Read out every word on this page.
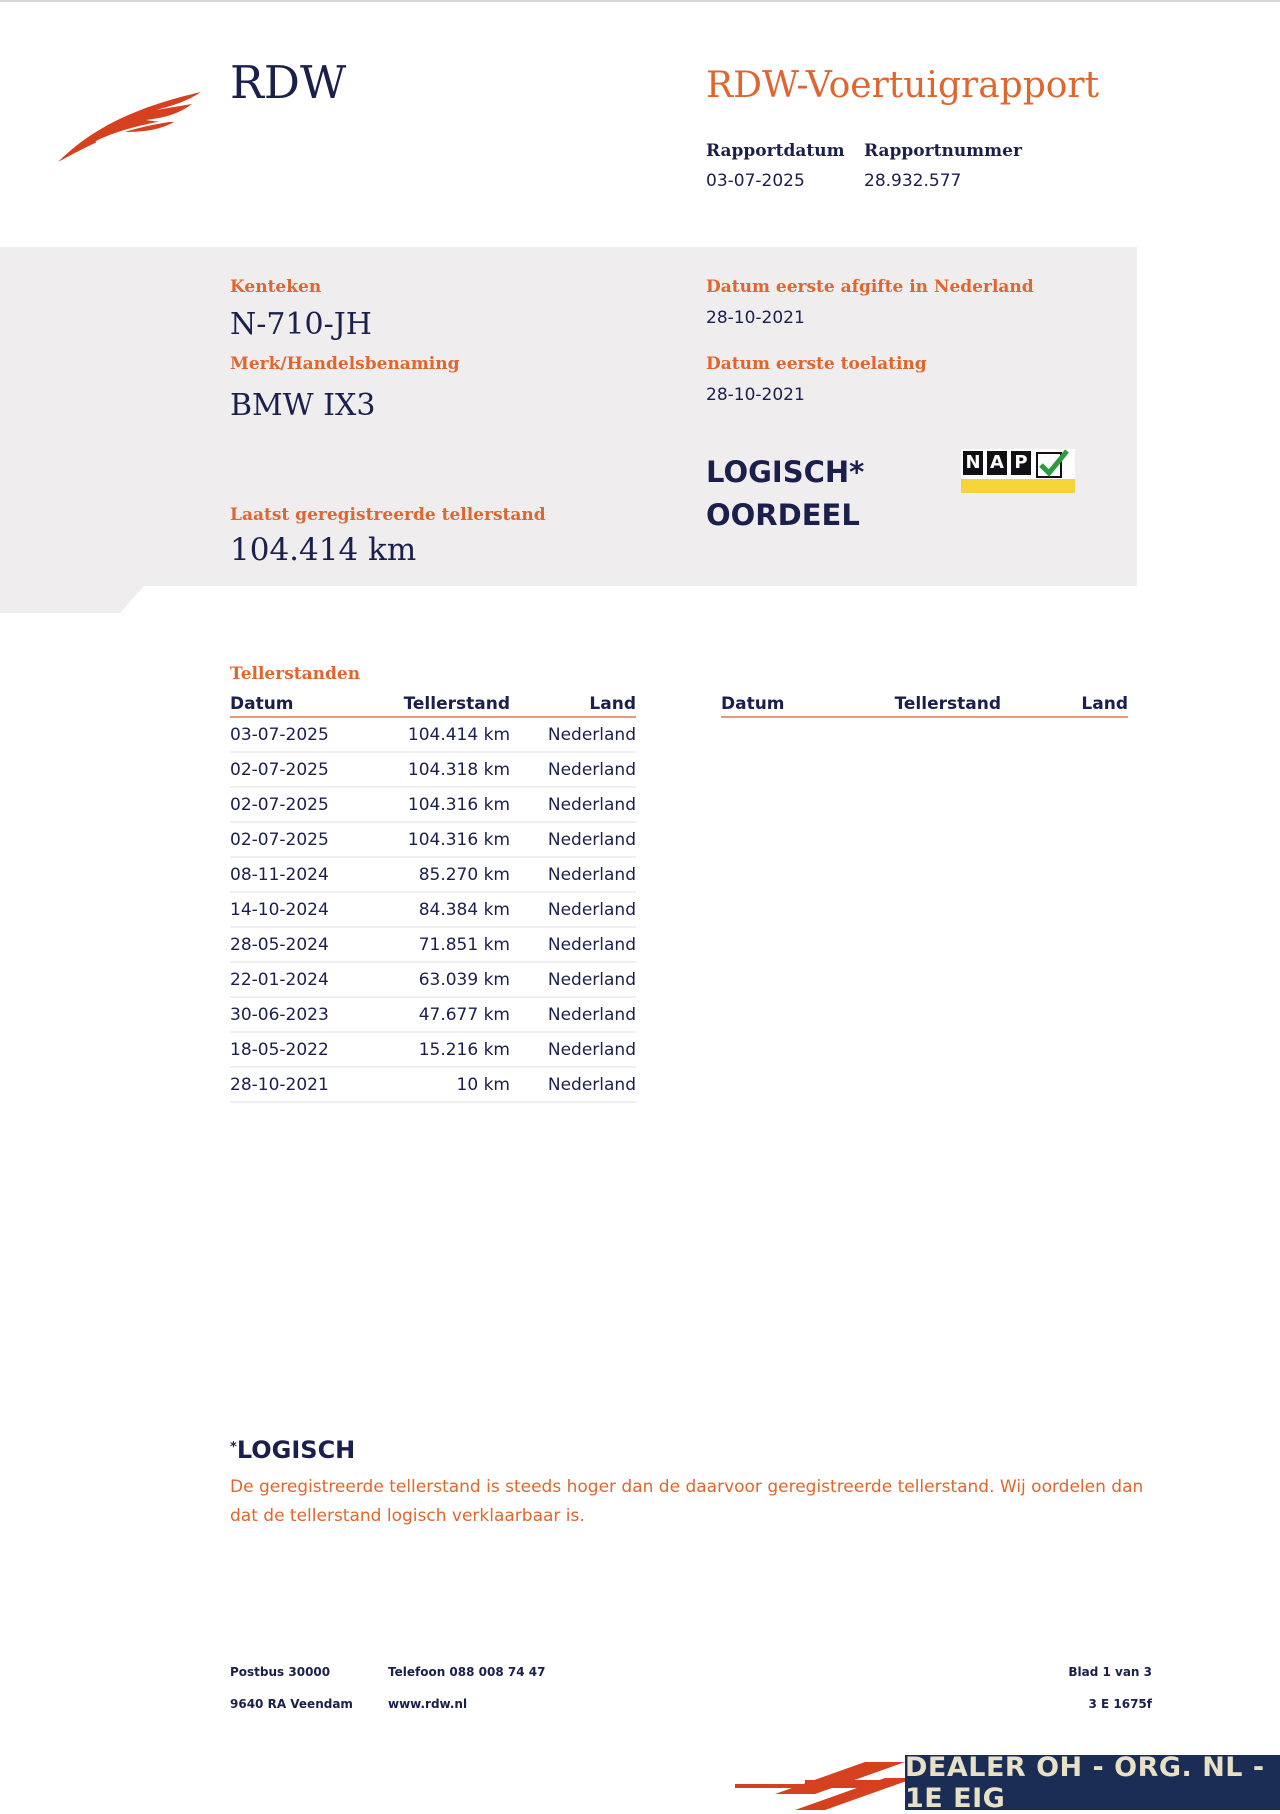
RDW	RDW-Voertuigrapport
Rapportdatum
03-07-2025
Rapportnummer
28.932.577
Kenteken
N-710-JH
Merk/Handelsbenaming
BMW IX3
Laatst geregistreerde tellerstand
104.414 km
Datum eerste afgifte in Nederland
28-10-2021
Datum eerste toelating
28-10-2021
LOGISCH*
OORDEEL
N A P
Tellerstanden
Datum	Tellerstand	Land
03-07-2025	104.414 km	Nederland
02-07-2025	104.318 km	Nederland
02-07-2025	104.316 km	Nederland
02-07-2025	104.316 km	Nederland
08-11-2024	85.270 km	Nederland
14-10-2024	84.384 km	Nederland
28-05-2024	71.851 km	Nederland
22-01-2024	63.039 km	Nederland
30-06-2023	47.677 km	Nederland
18-05-2022	15.216 km	Nederland
28-10-2021	10 km	Nederland
Datum	Tellerstand	Land
*LOGISCH
De geregistreerde tellerstand is steeds hoger dan de daarvoor geregistreerde tellerstand. Wij oordelen dan
dat de tellerstand logisch verklaarbaar is.
Postbus 30000
9640 RA Veendam
Telefoon 088 008 74 47
www.rdw.nl
Blad 1 van 3
3 E 1675f
DEALER OH - ORG. NL - 1E EIG
